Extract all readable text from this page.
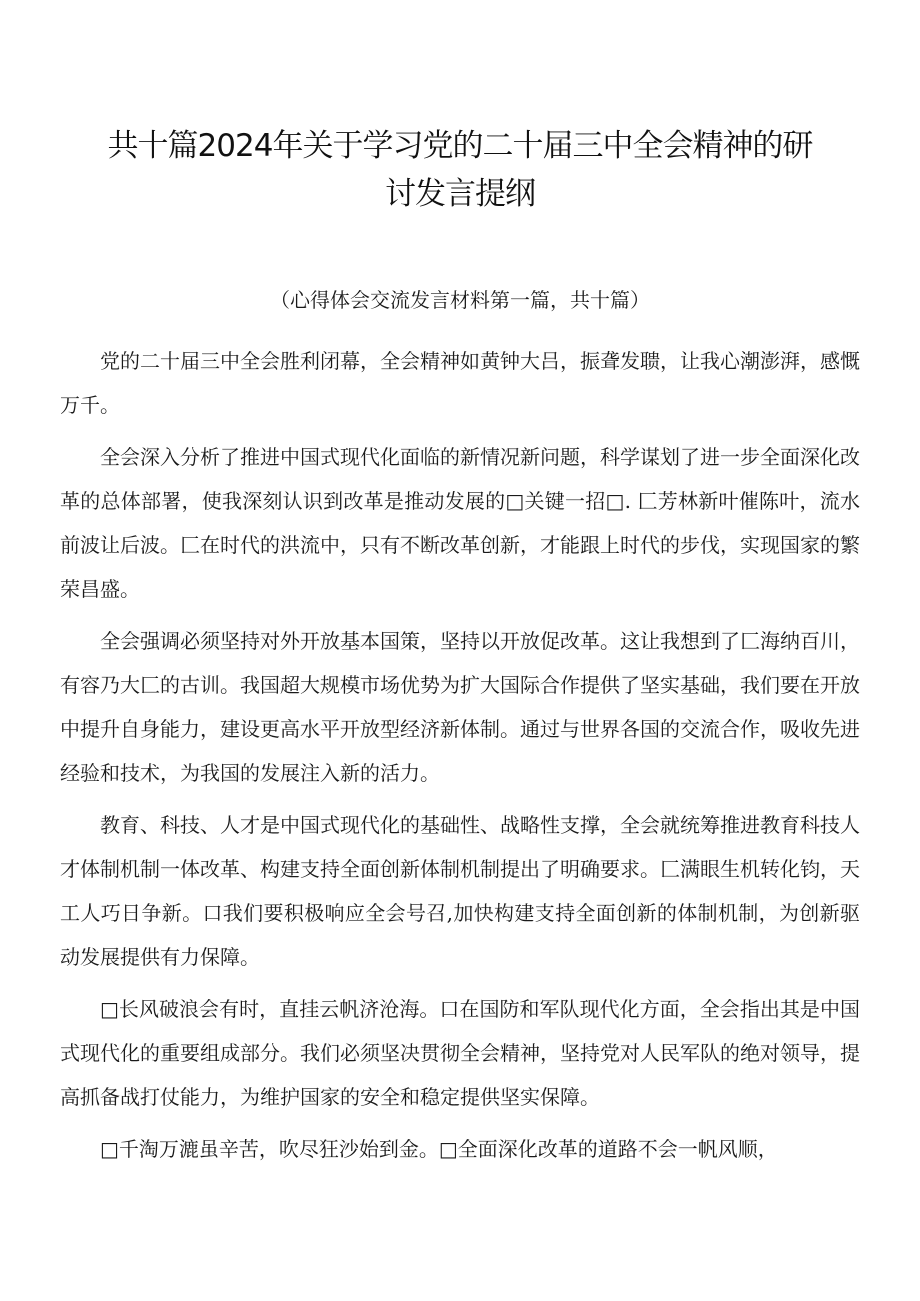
共十篇2024年关于学习党的二十届三中全会精神的研讨发言提纲

（心得体会交流发言材料第一篇，共十篇）

党的二十届三中全会胜利闭幕，全会精神如黄钟大吕，振聋发聩，让我心潮澎湃，感慨万千。

全会深入分析了推进中国式现代化面临的新情况新问题，科学谋划了进一步全面深化改革的总体部署，使我深刻认识到改革是推动发展的□关键一招□. ⼕芳林新叶催陈叶，流水前波让后波。⼕在时代的洪流中，只有不断改革创新，才能跟上时代的步伐，实现国家的繁荣昌盛。

全会强调必须坚持对外开放基本国策，坚持以开放促改革。这让我想到了⼕海纳百川，有容乃大⼕的古训。我国超大规模市场优势为扩大国际合作提供了坚实基础，我们要在开放中提升自身能力，建设更高水平开放型经济新体制。通过与世界各国的交流合作，吸收先进经验和技术，为我国的发展注入新的活力。

教育、科技、人才是中国式现代化的基础性、战略性支撑，全会就统筹推进教育科技人才体制机制一体改革、构建支持全面创新体制机制提出了明确要求。⼕满眼生机转化钧，天工人巧日争新。口我们要积极响应全会号召,加快构建支持全面创新的体制机制，为创新驱动发展提供有力保障。

□长风破浪会有时，直挂云帆济沧海。口在国防和军队现代化方面，全会指出其是中国式现代化的重要组成部分。我们必须坚决贯彻全会精神，坚持党对人民军队的绝对领导，提高抓备战打仗能力，为维护国家的安全和稳定提供坚实保障。

□千淘万漉虽辛苦，吹尽狂沙始到金。□全面深化改革的道路不会一帆风顺，
